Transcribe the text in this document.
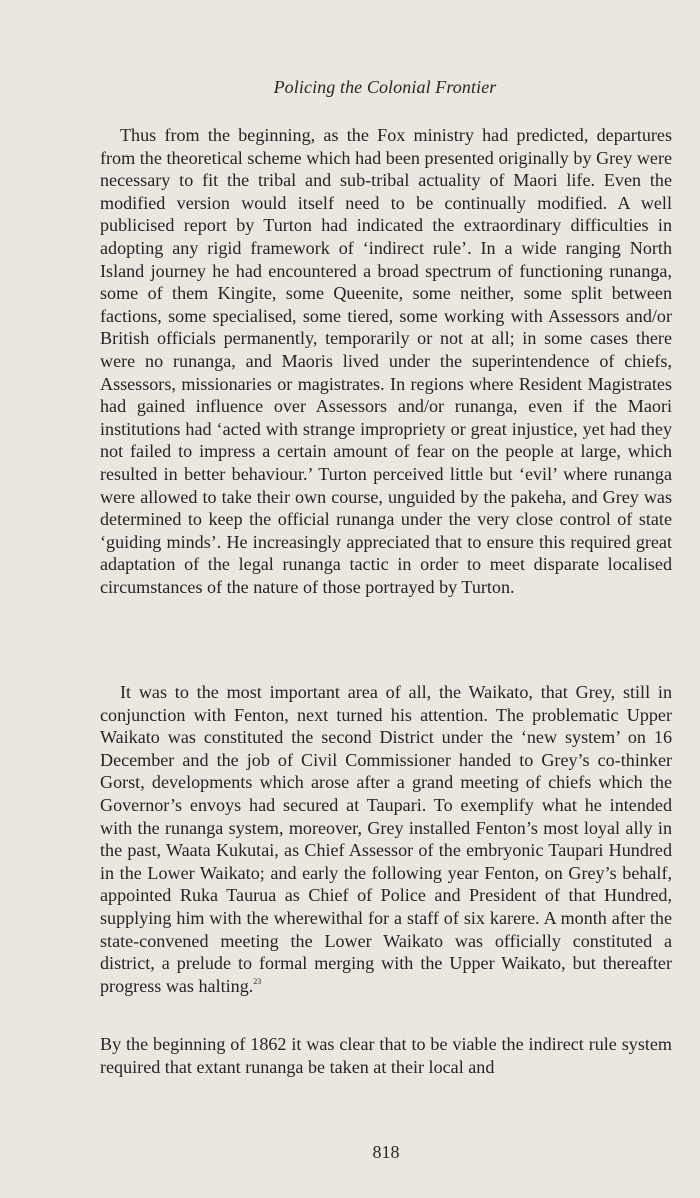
Policing the Colonial Frontier

Thus from the beginning, as the Fox ministry had predicted, departures from the theoretical scheme which had been presented originally by Grey were necessary to fit the tribal and sub-tribal actuality of Maori life. Even the modified version would itself need to be continually modified. A well publicised report by Turton had indicated the extraordinary difficulties in adopting any rigid framework of ‘indirect rule’. In a wide ranging North Island journey he had encountered a broad spectrum of functioning runanga, some of them Kingite, some Queenite, some neither, some split between factions, some specialised, some tiered, some working with Assessors and/or British officials permanently, temporarily or not at all; in some cases there were no runanga, and Maoris lived under the superintendence of chiefs, Assessors, missionaries or magistrates. In regions where Resident Magistrates had gained influence over Assessors and/or runanga, even if the Maori institutions had ‘acted with strange impropriety or great injustice, yet had they not failed to impress a certain amount of fear on the people at large, which resulted in better behaviour.’ Turton perceived little but ‘evil’ where runanga were allowed to take their own course, unguided by the pakeha, and Grey was determined to keep the official runanga under the very close control of state ‘guiding minds’. He increasingly appreciated that to ensure this required great adaptation of the legal runanga tactic in order to meet disparate localised circumstances of the nature of those portrayed by Turton.

It was to the most important area of all, the Waikato, that Grey, still in conjunction with Fenton, next turned his attention. The problematic Upper Waikato was constituted the second District under the ‘new system’ on 16 December and the job of Civil Commissioner handed to Grey’s co-thinker Gorst, developments which arose after a grand meeting of chiefs which the Governor’s envoys had secured at Taupari. To exemplify what he intended with the runanga system, moreover, Grey installed Fenton’s most loyal ally in the past, Waata Kukutai, as Chief Assessor of the embryonic Taupari Hundred in the Lower Waikato; and early the following year Fenton, on Grey’s behalf, appointed Ruka Taurua as Chief of Police and President of that Hundred, supplying him with the wherewithal for a staff of six karere. A month after the state-convened meeting the Lower Waikato was officially constituted a district, a prelude to formal merging with the Upper Waikato, but thereafter progress was halting.$^{23}$

By the beginning of 1862 it was clear that to be viable the indirect rule system required that extant runanga be taken at their local and

818
